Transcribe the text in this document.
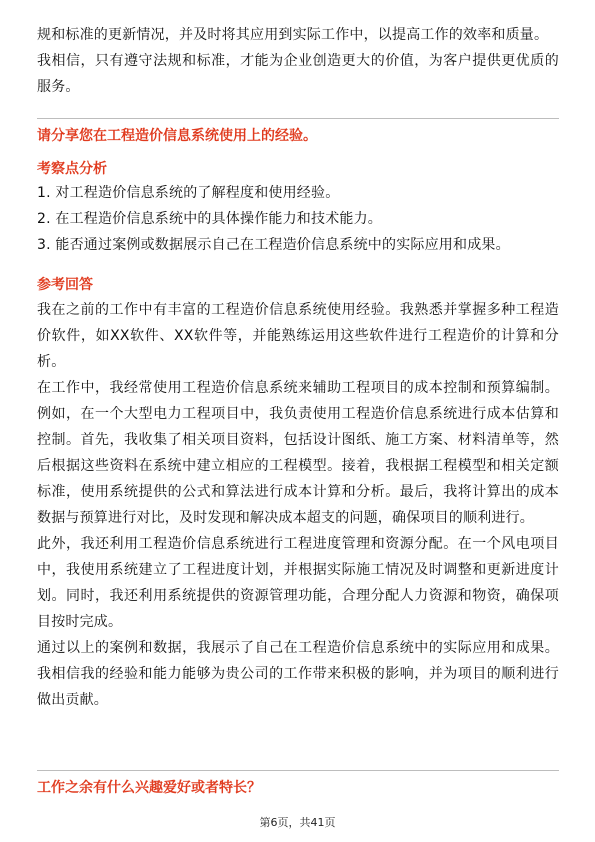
规和标准的更新情况，并及时将其应用到实际工作中，以提高工作的效率和质量。

我相信，只有遵守法规和标准，才能为企业创造更大的价值，为客户提供更优质的服务。

请分享您在工程造价信息系统使用上的经验。

考察点分析

1. 对工程造价信息系统的了解程度和使用经验。

2. 在工程造价信息系统中的具体操作能力和技术能力。

3. 能否通过案例或数据展示自己在工程造价信息系统中的实际应用和成果。

参考回答

我在之前的工作中有丰富的工程造价信息系统使用经验。我熟悉并掌握多种工程造价软件，如XX软件、XX软件等，并能熟练运用这些软件进行工程造价的计算和分析。

在工作中，我经常使用工程造价信息系统来辅助工程项目的成本控制和预算编制。例如，在一个大型电力工程项目中，我负责使用工程造价信息系统进行成本估算和控制。首先，我收集了相关项目资料，包括设计图纸、施工方案、材料清单等，然后根据这些资料在系统中建立相应的工程模型。接着，我根据工程模型和相关定额标准，使用系统提供的公式和算法进行成本计算和分析。最后，我将计算出的成本数据与预算进行对比，及时发现和解决成本超支的问题，确保项目的顺利进行。

此外，我还利用工程造价信息系统进行工程进度管理和资源分配。在一个风电项目中，我使用系统建立了工程进度计划，并根据实际施工情况及时调整和更新进度计划。同时，我还利用系统提供的资源管理功能，合理分配人力资源和物资，确保项目按时完成。

通过以上的案例和数据，我展示了自己在工程造价信息系统中的实际应用和成果。我相信我的经验和能力能够为贵公司的工作带来积极的影响，并为项目的顺利进行做出贡献。

工作之余有什么兴趣爱好或者特长？

第6页，共41页
